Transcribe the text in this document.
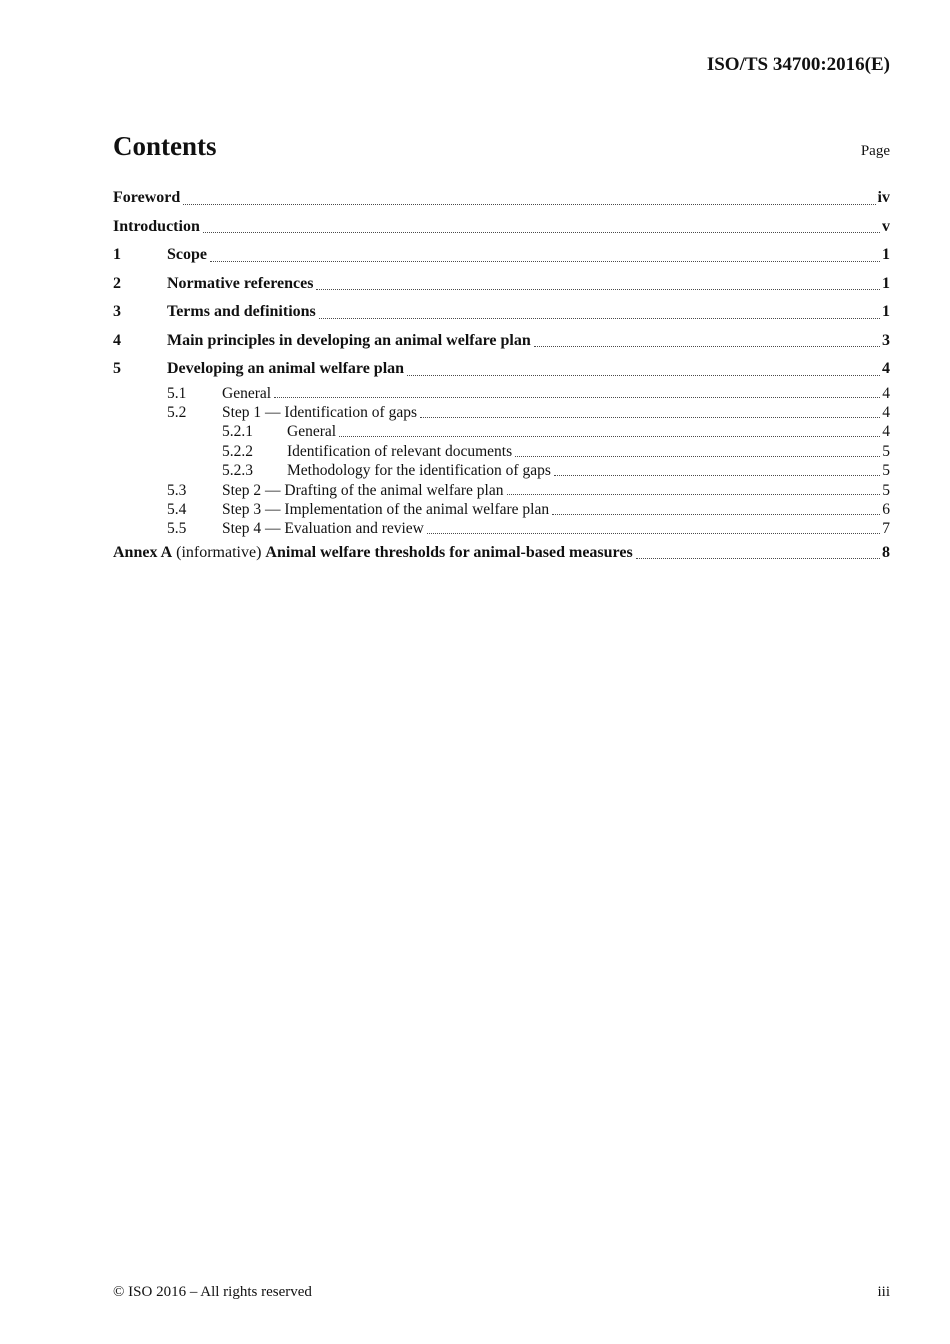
ISO/TS 34700:2016(E)
Contents	Page
Foreword	iv
Introduction	v
1	Scope	1
2	Normative references	1
3	Terms and definitions	1
4	Main principles in developing an animal welfare plan	3
5	Developing an animal welfare plan	4
5.1	General	4
5.2	Step 1 — Identification of gaps	4
5.2.1	General	4
5.2.2	Identification of relevant documents	5
5.2.3	Methodology for the identification of gaps	5
5.3	Step 2 — Drafting of the animal welfare plan	5
5.4	Step 3 — Implementation of the animal welfare plan	6
5.5	Step 4 — Evaluation and review	7
Annex A (informative) Animal welfare thresholds for animal-based measures	8
© ISO 2016 – All rights reserved	iii
